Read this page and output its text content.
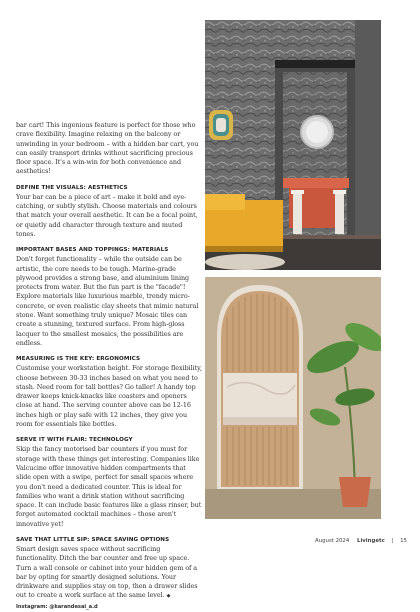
bar cart! This ingenious feature is perfect for those who crave flexibility. Imagine relaxing on the balcony or unwinding in your bedroom – with a hidden bar cart, you can easily transport drinks without sacrificing precious floor space. It's a win-win for both convenience and aesthetics!

DEFINE THE VISUALS: AESTHETICS

Your bar can be a piece of art – make it bold and eye-catching, or subtly stylish. Choose materials and colours that match your overall aesthetic. It can be a focal point, or quietly add character through texture and muted tones.

IMPORTANT BASES AND TOPPINGS: MATERIALS

Don't forget functionality – while the outside can be artistic, the core needs to be tough. Marine-grade plywood provides a strong base, and aluminium lining protects from water. But the fun part is the "facade"! Explore materials like luxurious marble, trendy micro-concrete, or even realistic clay sheets that mimic natural stone. Want something truly unique? Mosaic tiles can create a stunning, textured surface. From high-gloss lacquer to the smallest mosaics, the possibilities are endless.

MEASURING IS THE KEY: ERGONOMICS

Customise your workstation height. For storage flexibility, choose between 30-33 inches based on what you need to stash. Need room for tall bottles? Go taller! A handy top drawer keeps knick-knacks like coasters and openers close at hand. The serving counter above can be 12-16 inches high or play safe with 12 inches, they give you room for essentials like bottles.

SERVE IT WITH FLAIR: TECHNOLOGY

Skip the fancy motorised bar counters if you must for storage with these things get interesting. Companies like Valcucine offer innovative hidden compartments that slide open with a swipe, perfect for small spaces where you don't need a dedicated counter. This is ideal for families who want a drink station without sacrificing space. It can include basic features like a glass rinser, but forget automated cocktail machines – those aren't innovative yet!

SAVE THAT LITTLE SIP: SPACE SAVING OPTIONS

Smart design saves space without sacrificing functionality. Ditch the bar counter and free up space. Turn a wall console or cabinet into your hidden gem of a bar by opting for smartly designed solutions. Your drinkware and supplies stay on top, then a drawer slides out to create a work surface at the same level. ◆ Instagram: @karandesai_a.d

August 2024 Livingetc | 15
